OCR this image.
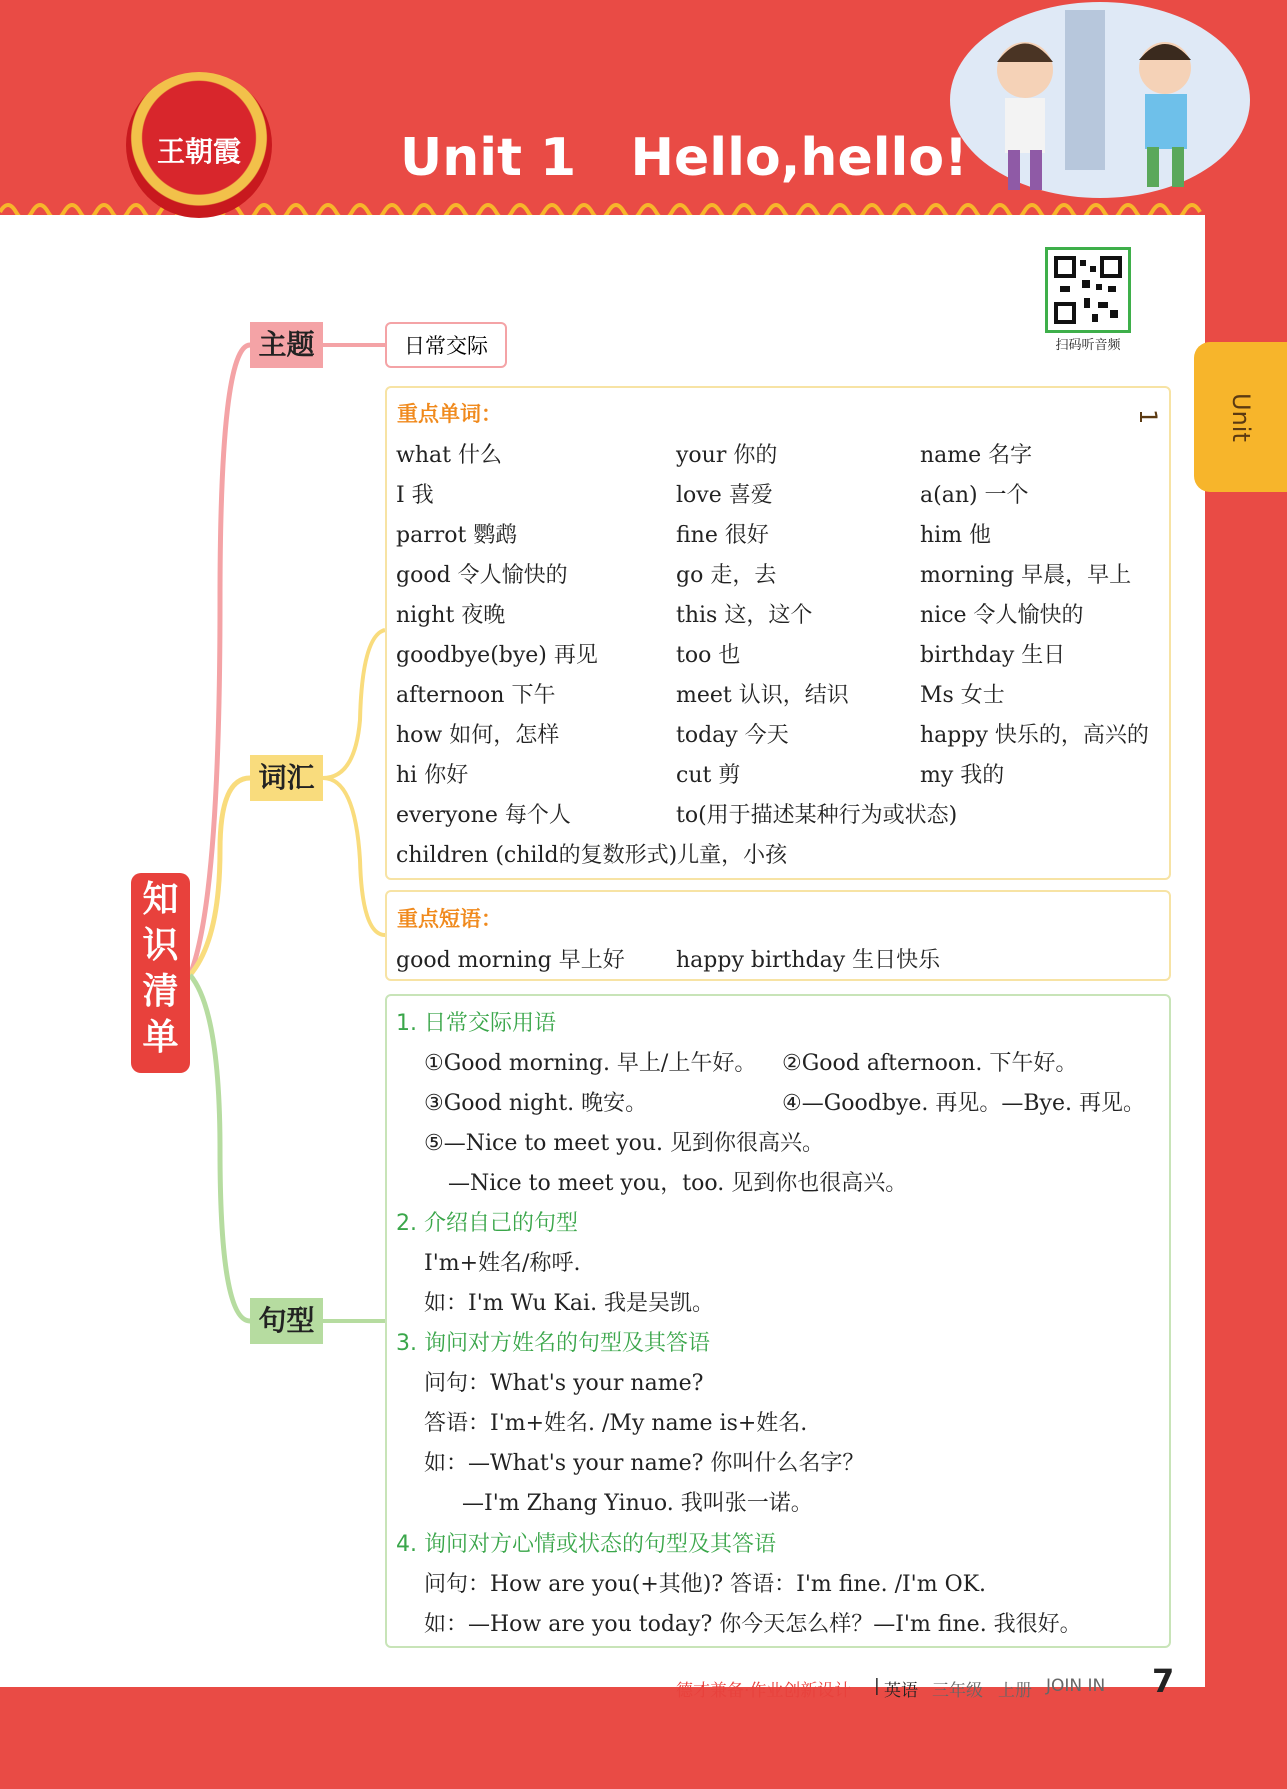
王朝霞	Unit 1   Hello,hello!
扫码听音频
Unit 1
知识清单
主题
词汇
句型
日常交际
重点单词：
what 什么	your 你的	name 名字
I 我	love 喜爱	a(an) 一个
parrot 鹦鹉	fine 很好	him 他
good 令人愉快的	go 走，去	morning 早晨，早上
night 夜晚	this 这，这个	nice 令人愉快的
goodbye(bye) 再见	too 也	birthday 生日
afternoon 下午	meet 认识，结识	Ms 女士
how 如何，怎样	today 今天	happy 快乐的，高兴的
hi 你好	cut 剪	my 我的
everyone 每个人	to(用于描述某种行为或状态)
children (child的复数形式)儿童，小孩
重点短语：
good morning 早上好 happy birthday 生日快乐
1. 日常交际用语
①Good morning. 早上/上午好。 ②Good afternoon. 下午好。
③Good night. 晚安。	④—Goodbye. 再见。—Bye. 再见。
⑤—Nice to meet you. 见到你很高兴。
—Nice to meet you，too. 见到你也很高兴。
2. 介绍自己的句型
I'm+姓名/称呼.
如：I'm Wu Kai. 我是吴凯。
3. 询问对方姓名的句型及其答语
问句：What's your name?
答语：I'm+姓名. /My name is+姓名.
如：—What's your name? 你叫什么名字？
—I'm Zhang Yinuo. 我叫张一诺。
4. 询问对方心情或状态的句型及其答语
问句：How are you(+其他)? 答语：I'm fine. /I'm OK.
如：—How are you today? 你今天怎么样？—I'm fine. 我很好。
德才兼备·作业创新设计 | 英语 三年级 上册 JOIN IN 7
